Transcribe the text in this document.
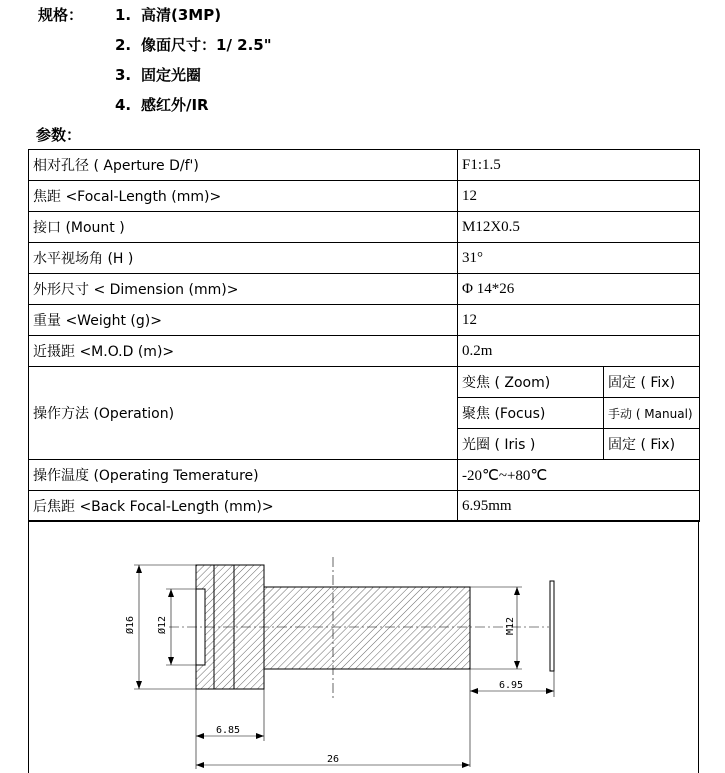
规格： 1. 高清(3MP)
2. 像面尺寸：1/ 2.5"
3. 固定光圈
4. 感红外/IR
参数：
相对孔径 ( Aperture D/f')	F1:1.5	
焦距 <Focal-Length (mm)>	12	
接口 (Mount )	M12X0.5	
水平视场角 (H )	31°	
外形尺寸 < Dimension (mm)>	Φ 14*26	
重量 <Weight (g)>	12	
近摄距 <M.O.D (m)>	0.2m	
操作方法 (Operation)	变焦 ( Zoom)	固定 ( Fix)
	聚焦 (Focus)	手动 ( Manual)
	光圈 ( Iris )	固定 ( Fix)
操作温度 (Operating Temerature)	-20℃~+80℃	
后焦距 <Back Focal-Length (mm)>	6.95mm	
Ø16 Ø12	M12
6.95
6.85
26
